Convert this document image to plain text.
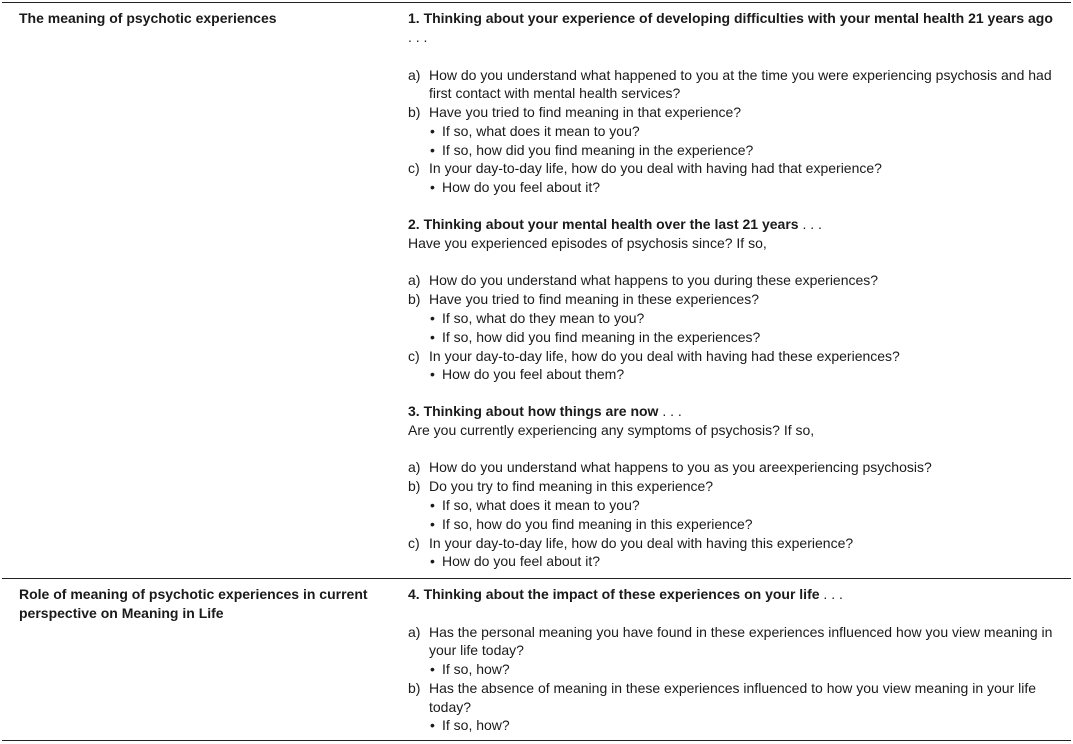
The meaning of psychotic experiences	1. Thinking about your experience of developing difficulties with your mental health 21 years ago . . .
a) How do you understand what happened to you at the time you were experiencing psychosis and had first contact with mental health services?
b) Have you tried to find meaning in that experience?
• If so, what does it mean to you?
• If so, how did you find meaning in the experience?
c) In your day-to-day life, how do you deal with having had that experience?
• How do you feel about it?
2. Thinking about your mental health over the last 21 years . . .
Have you experienced episodes of psychosis since? If so,
a) How do you understand what happens to you during these experiences?
b) Have you tried to find meaning in these experiences?
• If so, what do they mean to you?
• If so, how did you find meaning in the experiences?
c) In your day-to-day life, how do you deal with having had these experiences?
• How do you feel about them?
3. Thinking about how things are now . . .
Are you currently experiencing any symptoms of psychosis? If so,
a) How do you understand what happens to you as you areexperiencing psychosis?
b) Do you try to find meaning in this experience?
• If so, what does it mean to you?
• If so, how do you find meaning in this experience?
c) In your day-to-day life, how do you deal with having this experience?
• How do you feel about it?
Role of meaning of psychotic experiences in current perspective on Meaning in Life
4. Thinking about the impact of these experiences on your life . . .
a) Has the personal meaning you have found in these experiences influenced how you view meaning in your life today?
• If so, how?
b) Has the absence of meaning in these experiences influenced to how you view meaning in your life today?
• If so, how?
